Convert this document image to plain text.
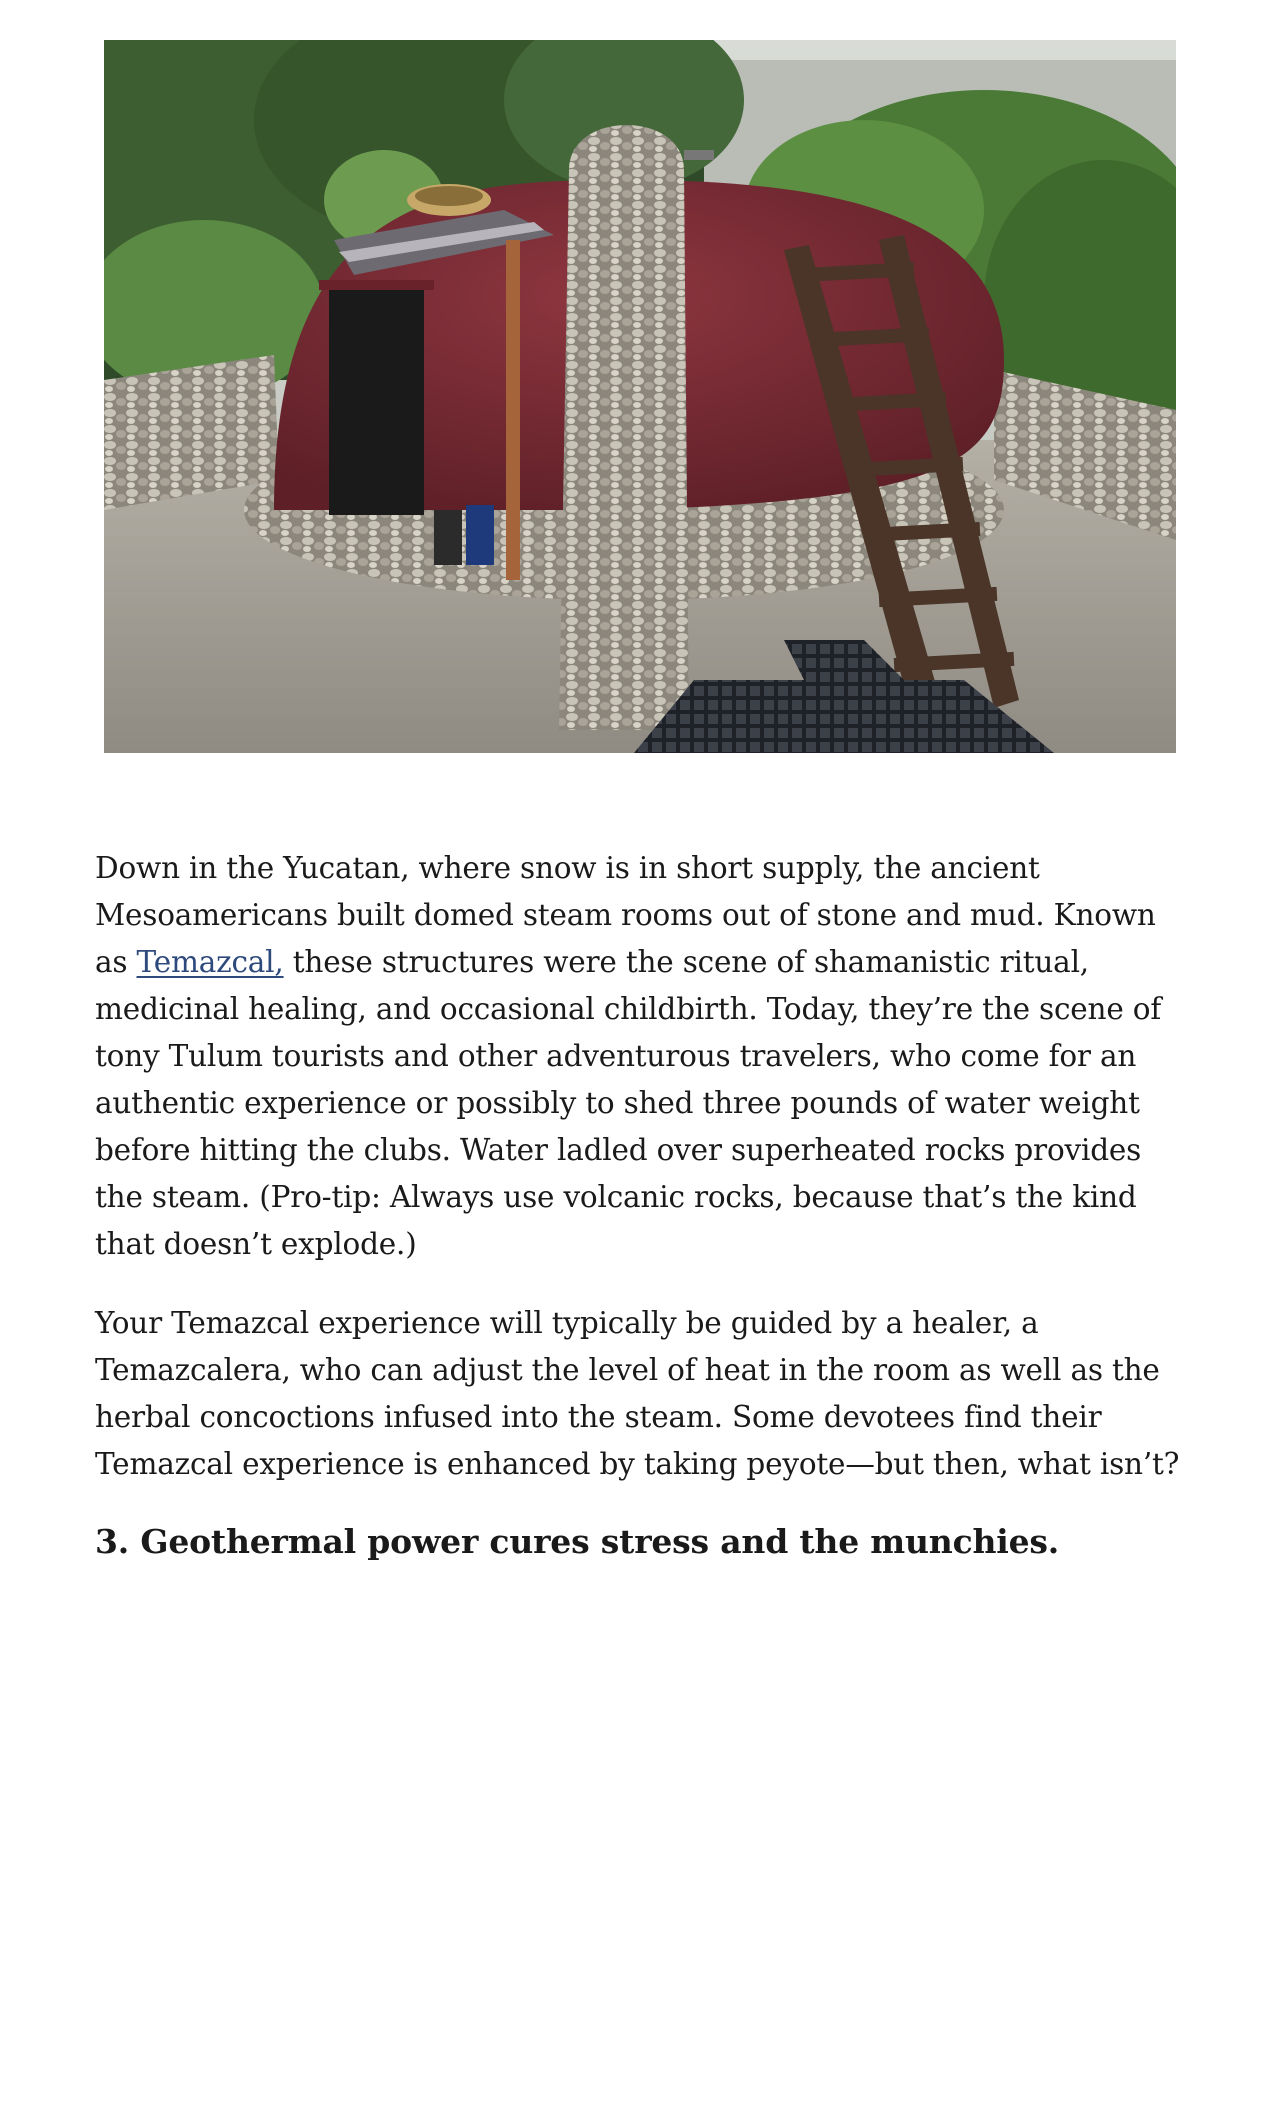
Down in the Yucatan, where snow is in short supply, the ancient Mesoamericans built domed steam rooms out of stone and mud. Known as Temazcal, these structures were the scene of shamanistic ritual, medicinal healing, and occasional childbirth. Today, they’re the scene of tony Tulum tourists and other adventurous travelers, who come for an authentic experience or possibly to shed three pounds of water weight before hitting the clubs. Water ladled over superheated rocks provides the steam. (Pro-tip: Always use volcanic rocks, because that’s the kind that doesn’t explode.)

Your Temazcal experience will typically be guided by a healer, a Temazcalera, who can adjust the level of heat in the room as well as the herbal concoctions infused into the steam. Some devotees find their Temazcal experience is enhanced by taking peyote—but then, what isn’t?

3. Geothermal power cures stress and the munchies.
